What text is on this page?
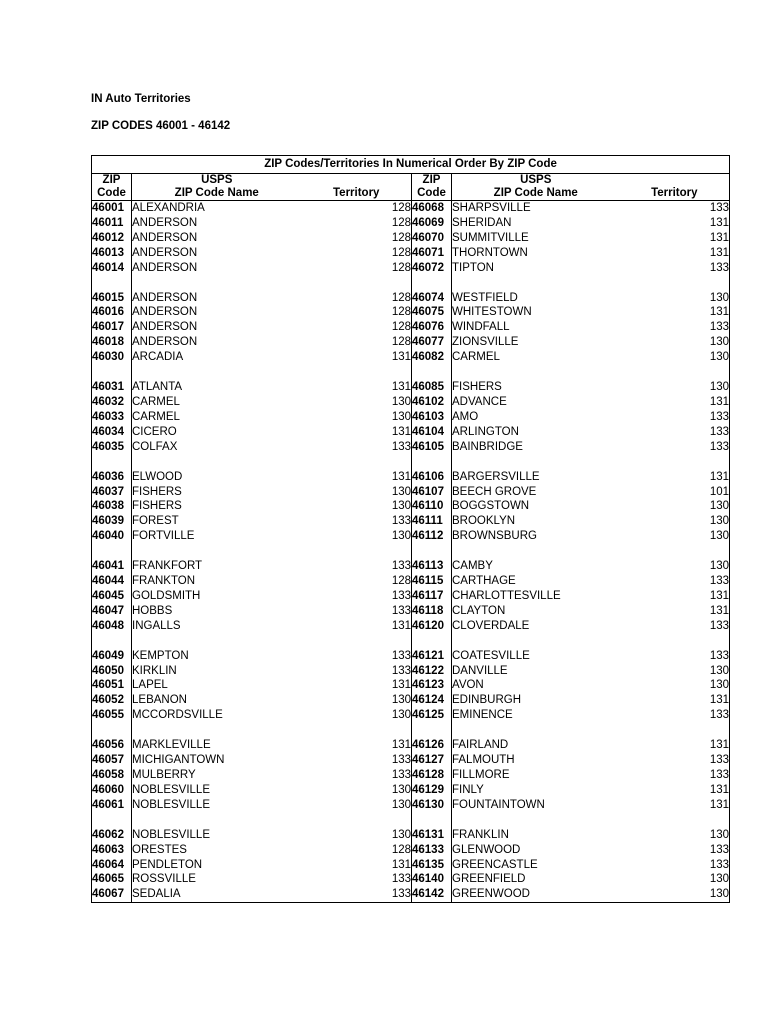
IN Auto Territories
ZIP CODES 46001 - 46142
ZIP Codes/Territories In Numerical Order By ZIP Code					
ZIP
Code	USPS
ZIP Code Name	Territory	ZIP
Code	USPS
ZIP Code Name	Territory
46001	ALEXANDRIA	128	46068	SHARPSVILLE	133
46011	ANDERSON	128	46069	SHERIDAN	131
46012	ANDERSON	128	46070	SUMMITVILLE	131
46013	ANDERSON	128	46071	THORNTOWN	131
46014	ANDERSON	128	46072	TIPTON	133

46015	ANDERSON	128	46074	WESTFIELD	130
46016	ANDERSON	128	46075	WHITESTOWN	131
46017	ANDERSON	128	46076	WINDFALL	133
46018	ANDERSON	128	46077	ZIONSVILLE	130
46030	ARCADIA	131	46082	CARMEL	130

46031	ATLANTA	131	46085	FISHERS	130
46032	CARMEL	130	46102	ADVANCE	131
46033	CARMEL	130	46103	AMO	133
46034	CICERO	131	46104	ARLINGTON	133
46035	COLFAX	133	46105	BAINBRIDGE	133

46036	ELWOOD	131	46106	BARGERSVILLE	131
46037	FISHERS	130	46107	BEECH GROVE	101
46038	FISHERS	130	46110	BOGGSTOWN	130
46039	FOREST	133	46111	BROOKLYN	130
46040	FORTVILLE	130	46112	BROWNSBURG	130

46041	FRANKFORT	133	46113	CAMBY	130
46044	FRANKTON	128	46115	CARTHAGE	133
46045	GOLDSMITH	133	46117	CHARLOTTESVILLE	131
46047	HOBBS	133	46118	CLAYTON	131
46048	INGALLS	131	46120	CLOVERDALE	133

46049	KEMPTON	133	46121	COATESVILLE	133
46050	KIRKLIN	133	46122	DANVILLE	130
46051	LAPEL	131	46123	AVON	130
46052	LEBANON	130	46124	EDINBURGH	131
46055	MCCORDSVILLE	130	46125	EMINENCE	133

46056	MARKLEVILLE	131	46126	FAIRLAND	131
46057	MICHIGANTOWN	133	46127	FALMOUTH	133
46058	MULBERRY	133	46128	FILLMORE	133
46060	NOBLESVILLE	130	46129	FINLY	131
46061	NOBLESVILLE	130	46130	FOUNTAINTOWN	131

46062	NOBLESVILLE	130	46131	FRANKLIN	130
46063	ORESTES	128	46133	GLENWOOD	133
46064	PENDLETON	131	46135	GREENCASTLE	133
46065	ROSSVILLE	133	46140	GREENFIELD	130
46067	SEDALIA	133	46142	GREENWOOD	130
